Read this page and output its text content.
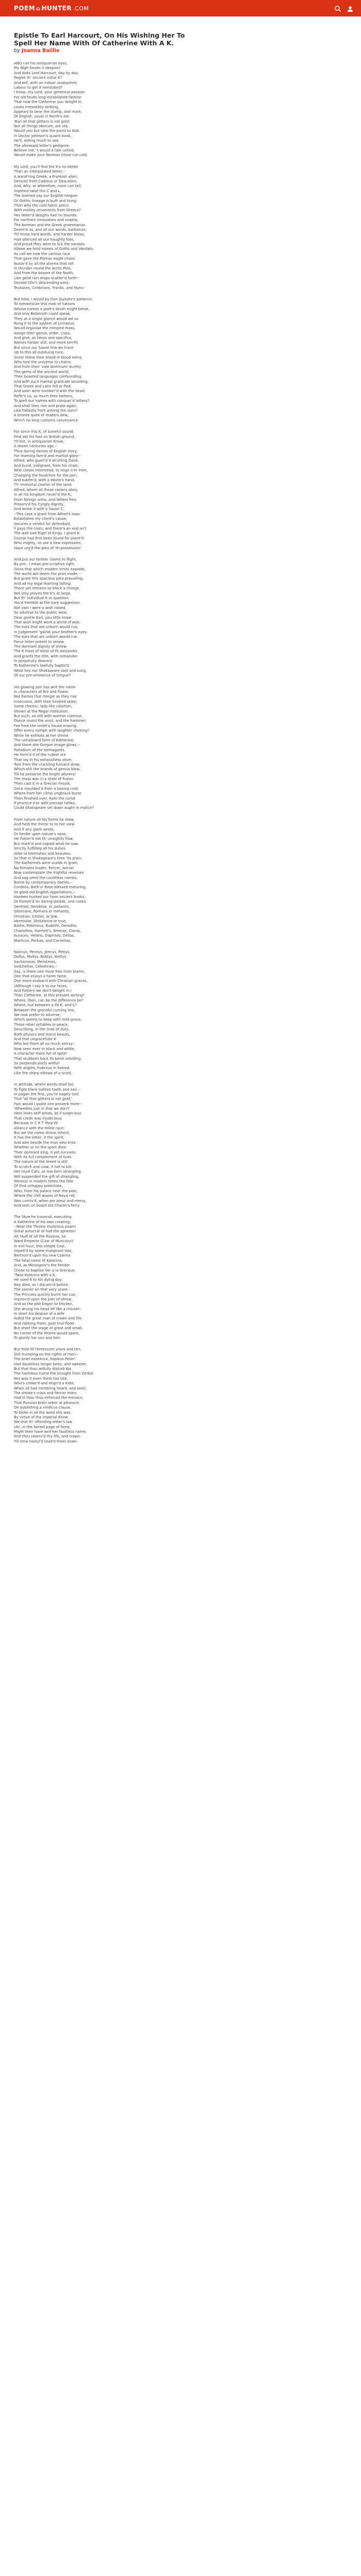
POEM ⌂ HUNTER .COM
Epistle To Earl Harcourt, On His Wishing Her To
Spell Her Name With Of Catherine With A K.
by Joanna Baillie
AND can his antiquarian eyes,
My Nigh-Seven (I despise)
And does Lord Harcourt, day by day,
Regret th' ancient initial K?
And will, with an indoor unabashed,
Labour to get it reinstated?
I know, my Lord, your generous passion
For old feuds long-established fashion
That now the Catherine you delight in,
Looks irresistibly striking,
Appears to bear the stamp, and mark,
Of English, usual in North's Ark.
'Ban all that glitters is not gold;
Nor all things obscure, are old.
Would you but take the pains to look
In Doctor Johnson's quaint book,
He'll, willing much to see
The aforesaid letter's pedigree;
Believe me, 't would a tale unfold,
Would make your Norman blood run cold.
My Lord, you'll find the K's no better
Than an interpolated letter;--
A wand'ring Greek, a Frankish alien,
Derived from Cadmus or Descalion,
And, why, or wherefore, none can tell,
Inserted twixt the C and L.
The learned say our English tongue
Or Gothic lineage is built and hung:
Then why the cold fabric piece
With motley ornaments from Greece?
Her letter'd designs had no bounds
For northern innovators and vowels;
The Norman and the Greek grammarian
Deem'd us, and all our words, barbarian;
Till those hard words, and harder blows,
Had silenced all our haughty foes,
And proud they were to lick the sandals
Allswe we hind names of Goths and Vandals;
Its call we new the various race
That gave the Roman eagle chase.
Nurse'd by all the storms that roll
In thunder round the Arctic Pole,
And from the bosom of the North,
Like gelid rain drops scatter'd forth--
Dorsed Oliv's descending sons,
Teutones, Cimbrians, Franks, and Huns--
But hold, I would by Don Quixote's patience,
To romanticize this mob of nations
Whose names a poet's death might break,
And only Belzeroth could speak.
They at a single glance would we us
Rung it to the system of Linnaeus;
Would organise the mingled mass,
Assign their genus, order, class,
And give, as times and specifics,
Names harder still, and more terrific
But since our Saxon line we trace
Up to this all-subduing race,
Sever these their blood-ill-blood extra,
Who lord the universe to chains;
And from their 'vale dominum' burthy
The gems of the ancient world,
Their boasted languages confounding,
And with such mental gratitude sounding,
That Greek and Latin fell or fled;
And soon were number'd with the dead;
Refle'n us, so much their betters,
To spell our names with conquer'd letters?
And shall they rise and prate again,
Like Fallastis from among the slain?
A bronze quite of readers dew,
Which no long customs conveyance.
For since this K, of baneful sound,
First set his foot on British ground,
Th'mit, in antiquarian Know,
A dozen centuries ago,--
Thus daring dames of English story,
For learning fam'd and martial glory--
Alfred, who guerl'd it strutting Dane,
And burst, indignant, from his chain;
Who closes intermeed, to reign o'er men,
Changing the feudchon for the pen,
And subfm'd, with a Wozlo's hand,
Th' immortal charter of the land;
Alfred, whom all these rasters obey,
In all his kingdom never'd the K,
From foreign arms, and letters free,
Preserv'd his Cyngly dignity,
And wrote it with a Saxon C.
--This case a grant from Alfred's laws
Establishes my client's cause;
Secures a verdict for defendant,
Il pays the costs, and there's an end on't
The wall bad Rigel of Kings, I grant it
Coarse had first been found for plaint'll:
Who mighty, to use a new expression,
Have urg'd the plea of 'th-possession'.
And put our farther claims to flight,
By pre-, I mean pre-scriptive right.
Since that which modern times explode,
The world will deem the prior mode.--
But grant this spacious plea prevailing,
And all my legal learning failing;
There yet remains so black a charge,
Not only proves the K's at large,
But th' individual K in question
You'd tremble at the bare suggestion.
Not vain I were a wish raised
So adverse to the public weal,
Dear gentle Earl, you little know
That wish might work a world of woe.
The ears that are unborn would rue,
In Judgement 'gainst your brother's eyes:
The ears that are unborn would rue
Force letter potent to renew
The dormant dignity of shrew.
The K most of letter of fit alexander,
And grants the title, with remainder
In perpetuity descent
To Katherine's lawfully baptiz'd.
What hes nor Shakspeare said and sung,
Of our pre-eminence of tongue?
His glowing pen has writ the name
In characters of fire and flame:
Not flames that mingle as they rise
Innocuous, with their kindred skies;
Some chemic, lady-like coloition,
Shown at the Regal Institution;
But such, as still with wanton clamour,
Dance round the anvil, and the hammer:
Fee hom the smith's house erasing;
Offer every nymph with laughter choking?
While he exhibits at her shrine
The unhallow'd form of Katherine;
And there she Gorgon image glows,--
Palladium of the termagants.
He form'd it of the rudest ore
That lay in his exhaustless store;
Tore from the crackling furnace draw,
Which still the brands of genius blow,
Till he preserve the bright allurers!
The mass was in a state of fusion
Then cast it in a Grecian mould,
Once moulded it from a boxing cold;
Where from her climp ungbrace burst
Then finished over, Kate the cursd
If practice e'er with precept tallies,
Could Shakspeare set down aught in malice?
From nature all his forms he drew,
And held the mirror to to her view:
And if any giant wrote,
Or fondle upon nature's nose,
He flatter'd not th' unsightly flaw,
But mark'd and copied what he saw:
Strictly fulfilling all his duties
Alike to blemishes and beauties.
So that in Shakspeare's time 'tis plain,
The Katherines were scolds in grain,
No females louder, fiercer, worse!
Now contemplate the frightful reverses
And sag amid the countless names,
Borne by contemporary dames,--
Cordelia, Beth's! Rose-blessed maturing,
Or good old English Appellations,--
Harmen hunted our from ancient books,
Or formm'd on daring-steads, and cooks,
Gentred, Gembloe, or pedantic,
Ghorcane, Romans or romantic,
Christian, Ichilier, or Jew,
Hermione, Stokalorve or true,
Bathe, Rebmova, Rudolfe, Gersdhe,
Charlottes, Harriett's, Emmas, Claras,
Auraces, Helens, Daphnes, Delias,
Marticos, Portias, and Cornelias,
Nannys, Pennys, Jennys, Pettys,
Dollys, Mollys, Biddys, Bettys,
Sacharissas, Melistmes,
Sodchellas, Celestines;--
Say, is there one more free from blame,
One that enjoys a fairer fame,
One more endow'd with Christian graces,
(Although I say it to our faces,
And flattery we don't delight in,)
Than Catherine, at this present writing?
Where, then, can be the difference be?
Where, but between a lfe K, and C?
Between the graceful curving line,
We now prefer to adverse,
Which seems to keep with mild grace,
Those rebel syllables in peace,
Describing, in the lines of duty,
Both physics and moral beauty,
And that ungracefulle K
Who led them all so much astray--
Now seen ever in black and white,
A character more full of spite!
That stubborn back its bend unbiding,
So perpendicularly willful!
With angles, frabrous in hatred,
Like the sharp elbows of a scold,
In attitude, where words shall fail,
To fight there battles tooth and nail,--
In pagan the first, you're sagely told
That 'all that glitters is not gold;'
Fain would I quote one proverb more--
'Wheedles just in that we don't'
Here looks stiff winds, as if suspicious
That credo was injudicious;
Because in C K T they've
Alliance with the feline race:
But we the name divine inherit,
It has the letter, it the spirit,
And wee beside the man who tries
Whether or no the sport dies!
Their dormant king, it yet survives,
With its full complement of lives.
The nature of the breed is still
To scratch and claw, if not to kill;
Her royal Cats, so low born strangling
Will suspended the gift of strangling,
Witness in modern times the fate
Of that unhappy potentate,
Who, from his palace near the pole,
Where the chill waves of Neva roll,
Was conriv'd, when per pleur and merry,
And sent on board old Charon's ferry.
The Skye he traversd, executing
A Katherine of his own creating;
--Near the Throne illustrious pawn!
Great autocrat of half the spheres!
Alt fault of all the Russias, So
Ward Emperor (Czar of Muscovy)!
In evil hour, this simple Czar,
Impell'd by some malignant star,
Bertnon'd upon his new Czarina
The fatal name of Katerina;
And, as Monsignor's the Fender
Chose to baptise her a la Grecque,
'Twas Katerina with a K.
He used it to his dying day:
Nay died, as I discern'd before,
The sooner on that very score--
The Princess quickly burnt her cue,
Improv'd upon the part of shrew,
And as the plot began to thicken,
She wrung his head off like a chicken:
In short his despair of a wife
Aided the great man of crown and life;
And robbing them, past trial flood
But short the stage of great and small,
No corner of the throne would spare,
To glorify her son and heir.
But hold till threescore years and ten,
Still trumping on the rights of men--
The brief existence, hapless Peter!
Had doubtless longer been, and sweeter,
But that thou wilfully disturb'dst
The harmless name the brought from Zerbst
Nor was it even there too late,
Who's crown'd and reign'd a Kate;
When all had trembling heard, and seen,
The stroke's crisis and fiercer mien:
Had'st thou thus enforced the menace,
That Russian brain arbor at pleasure,
On publishing a vindicus clause,
To bloke in all the word she was.
By virtue of the imperial Know
We that th' offending letter's law
Ukr, in the fairest page of fame,
Might their have writ her faultless name;
And thou reserv'd thy life, and crown,
Till time hastyl'd tead'd them down.
